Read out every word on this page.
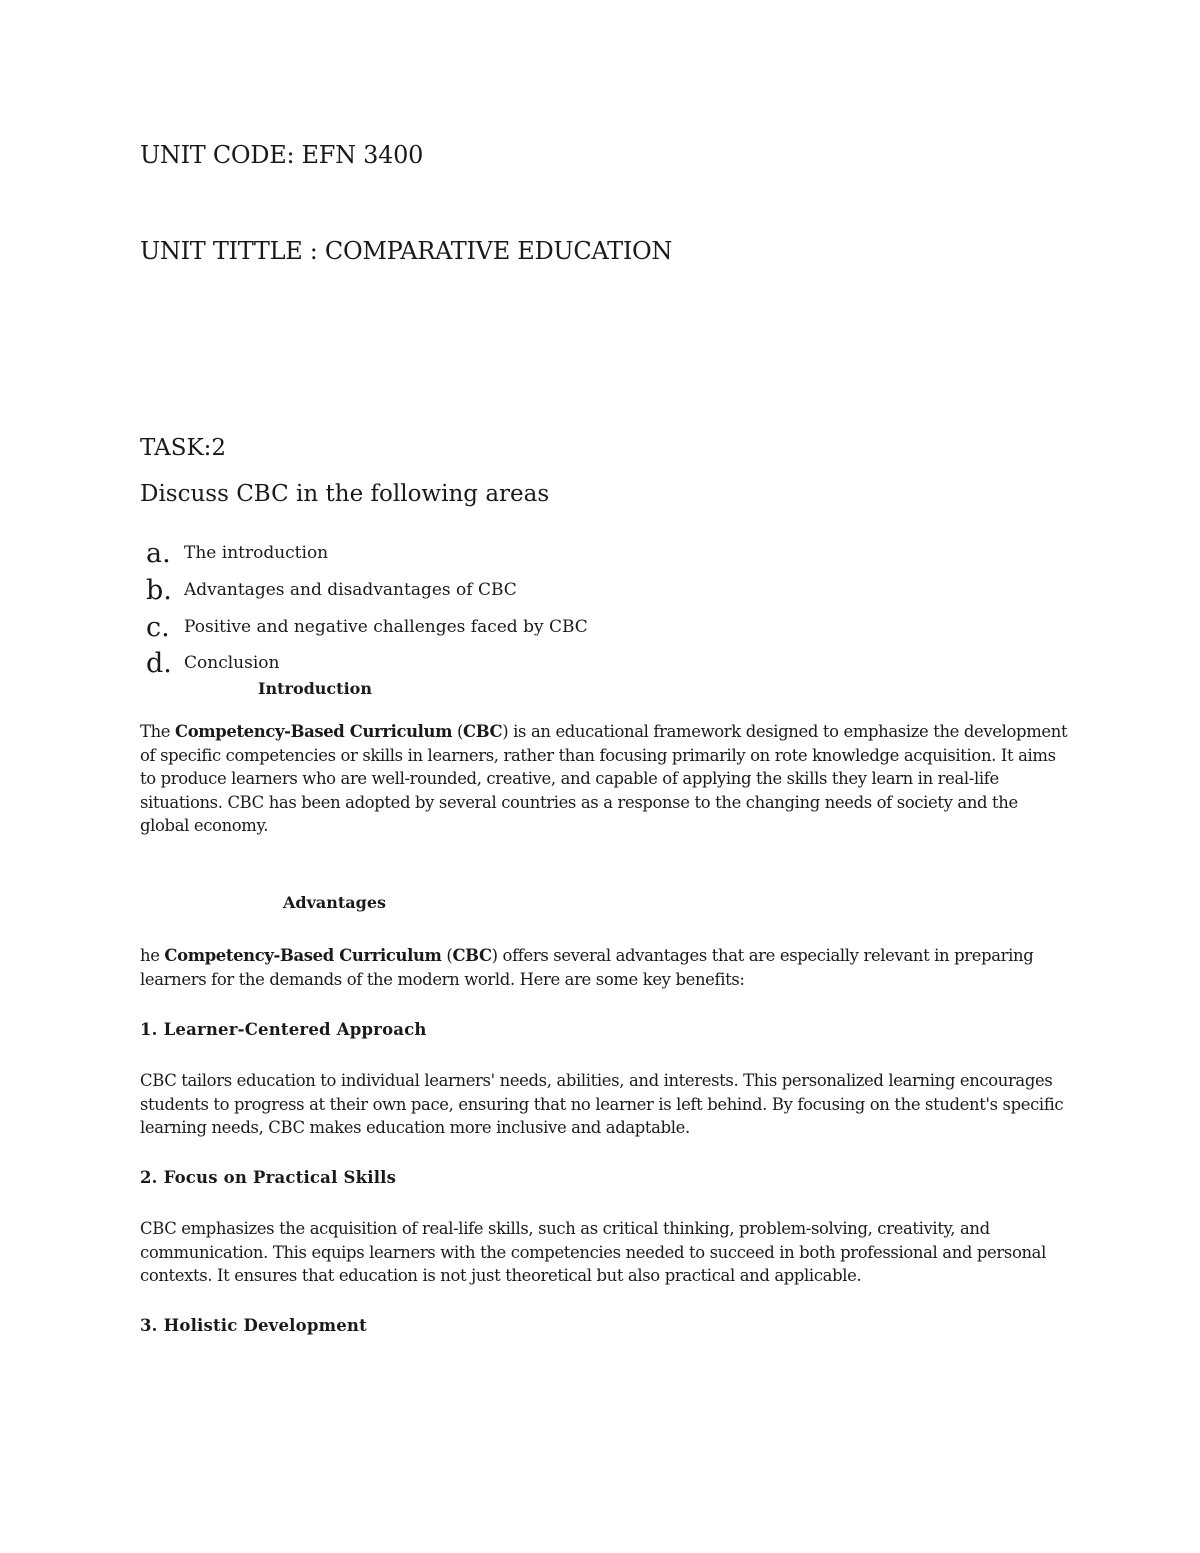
UNIT CODE: EFN 3400
UNIT TITTLE : COMPARATIVE EDUCATION
TASK:2
Discuss CBC in the following areas
a. The introduction
b. Advantages and disadvantages of CBC
c. Positive and negative challenges faced by CBC
d. Conclusion
Introduction

The Competency-Based Curriculum (CBC) is an educational framework designed to emphasize the development of specific competencies or skills in learners, rather than focusing primarily on rote knowledge acquisition. It aims to produce learners who are well-rounded, creative, and capable of applying the skills they learn in real-life situations. CBC has been adopted by several countries as a response to the changing needs of society and the global economy.

Advantages

he Competency-Based Curriculum (CBC) offers several advantages that are especially relevant in preparing learners for the demands of the modern world. Here are some key benefits:

1. Learner-Centered Approach

CBC tailors education to individual learners' needs, abilities, and interests. This personalized learning encourages students to progress at their own pace, ensuring that no learner is left behind. By focusing on the student's specific learning needs, CBC makes education more inclusive and adaptable.

2. Focus on Practical Skills

CBC emphasizes the acquisition of real-life skills, such as critical thinking, problem-solving, creativity, and communication. This equips learners with the competencies needed to succeed in both professional and personal contexts. It ensures that education is not just theoretical but also practical and applicable.

3. Holistic Development
